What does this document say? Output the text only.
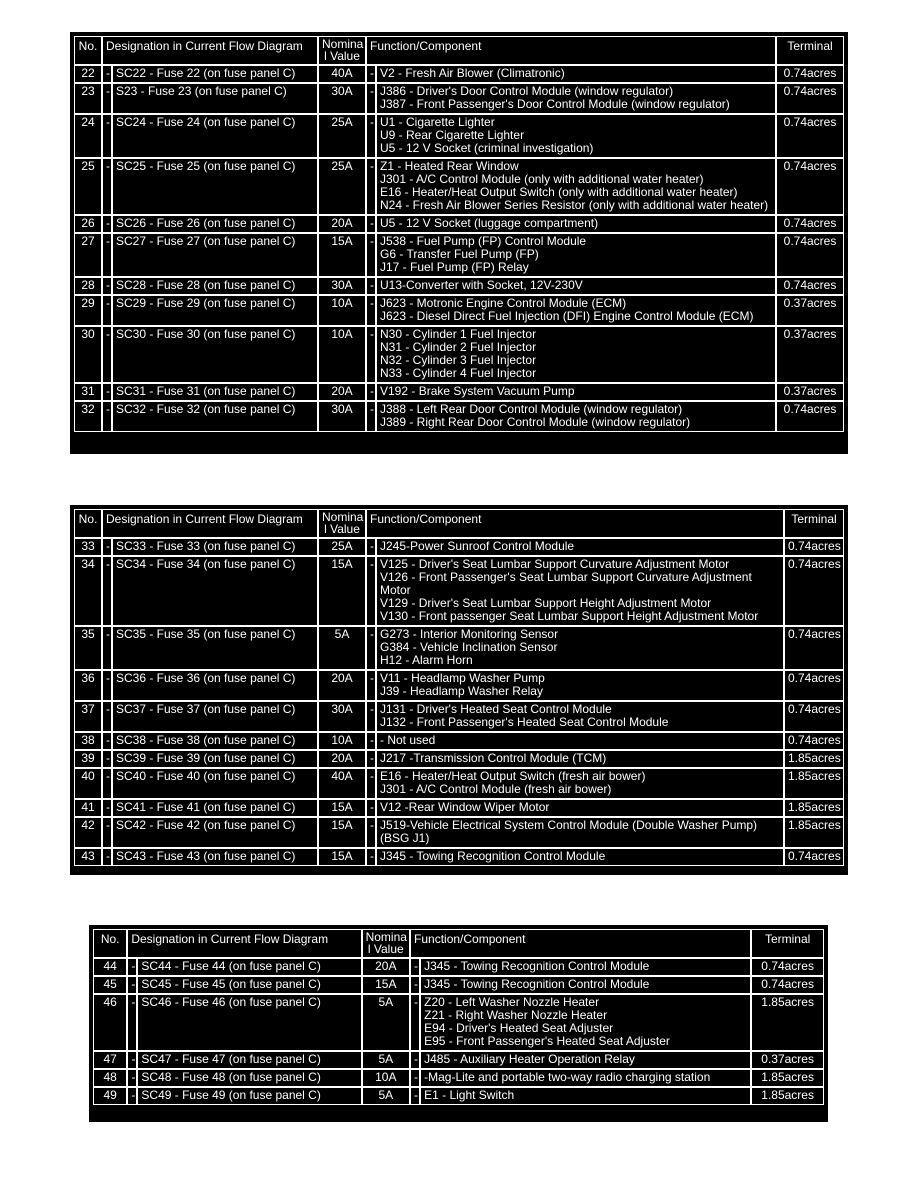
No.	Designation in Current Flow Diagram		Nomina
l Value	Function/Component		Terminal
22	-	SC22 - Fuse 22 (on fuse panel C)	40A	-	V2 - Fresh Air Blower (Climatronic)	0.74acres
23	-	S23 - Fuse 23 (on fuse panel C)	30A	-	J386 - Driver's Door Control Module (window regulator)
J387 - Front Passenger's Door Control Module (window regulator)	0.74acres
24	-	SC24 - Fuse 24 (on fuse panel C)	25A	-	U1 - Cigarette Lighter
U9 - Rear Cigarette Lighter
U5 - 12 V Socket (criminal investigation)	0.74acres
25	-	SC25 - Fuse 25 (on fuse panel C)	25A	-	Z1 - Heated Rear Window
J301 - A/C Control Module (only with additional water heater)
E16 - Heater/Heat Output Switch (only with additional water heater)
N24 - Fresh Air Blower Series Resistor (only with additional water heater)	0.74acres
26	-	SC26 - Fuse 26 (on fuse panel C)	20A	-	U5 - 12 V Socket (luggage compartment)	0.74acres
27	-	SC27 - Fuse 27 (on fuse panel C)	15A	-	J538 - Fuel Pump (FP) Control Module
G6 - Transfer Fuel Pump (FP)
J17 - Fuel Pump (FP) Relay	0.74acres
28	-	SC28 - Fuse 28 (on fuse panel C)	30A	-	U13-Converter with Socket, 12V-230V	0.74acres
29	-	SC29 - Fuse 29 (on fuse panel C)	10A	-	J623 - Motronic Engine Control Module (ECM)
J623 - Diesel Direct Fuel Injection (DFI) Engine Control Module (ECM)	0.37acres
30	-	SC30 - Fuse 30 (on fuse panel C)	10A	-	N30 - Cylinder 1 Fuel Injector
N31 - Cylinder 2 Fuel Injector
N32 - Cylinder 3 Fuel Injector
N33 - Cylinder 4 Fuel Injector	0.37acres
31	-	SC31 - Fuse 31 (on fuse panel C)	20A	-	V192 - Brake System Vacuum Pump	0.37acres
32	-	SC32 - Fuse 32 (on fuse panel C)	30A	-	J388 - Left Rear Door Control Module (window regulator)
J389 - Right Rear Door Control Module (window regulator)	0.74acres
No.	Designation in Current Flow Diagram		Nomina
l Value	Function/Component		Terminal
33	-	SC33 - Fuse 33 (on fuse panel C)	25A	-	J245-Power Sunroof Control Module	0.74acres
34	-	SC34 - Fuse 34 (on fuse panel C)	15A	-	V125 - Driver's Seat Lumbar Support Curvature Adjustment Motor
V126 - Front Passenger's Seat Lumbar Support Curvature Adjustment Motor
V129 - Driver's Seat Lumbar Support Height Adjustment Motor
V130 - Front passenger Seat Lumbar Support Height Adjustment Motor	0.74acres
35	-	SC35 - Fuse 35 (on fuse panel C)	5A	-	G273 - Interior Monitoring Sensor
G384 - Vehicle Inclination Sensor
H12 - Alarm Horn	0.74acres
36	-	SC36 - Fuse 36 (on fuse panel C)	20A	-	V11 - Headlamp Washer Pump
J39 - Headlamp Washer Relay	0.74acres
37	-	SC37 - Fuse 37 (on fuse panel C)	30A	-	J131 - Driver's Heated Seat Control Module
J132 - Front Passenger's Heated Seat Control Module	0.74acres
38	-	SC38 - Fuse 38 (on fuse panel C)	10A	-	- Not used	0.74acres
39	-	SC39 - Fuse 39 (on fuse panel C)	20A	-	J217 -Transmission Control Module (TCM)	1.85acres
40	-	SC40 - Fuse 40 (on fuse panel C)	40A	-	E16 - Heater/Heat Output Switch (fresh air bower)
J301 - A/C Control Module (fresh air bower)	1.85acres
41	-	SC41 - Fuse 41 (on fuse panel C)	15A	-	V12 -Rear Window Wiper Motor	1.85acres
42	-	SC42 - Fuse 42 (on fuse panel C)	15A	-	J519-Vehicle Electrical System Control Module (Double Washer Pump) (BSG J1)	1.85acres
43	-	SC43 - Fuse 43 (on fuse panel C)	15A	-	J345 - Towing Recognition Control Module	0.74acres
No.	Designation in Current Flow Diagram		Nomina
l Value	Function/Component		Terminal
44	-	SC44 - Fuse 44 (on fuse panel C)	20A	-	J345 - Towing Recognition Control Module	0.74acres
45	-	SC45 - Fuse 45 (on fuse panel C)	15A	-	J345 - Towing Recognition Control Module	0.74acres
46	-	SC46 - Fuse 46 (on fuse panel C)	5A	-	Z20 - Left Washer Nozzle Heater
Z21 - Right Washer Nozzle Heater
E94 - Driver's Heated Seat Adjuster
E95 - Front Passenger's Heated Seat Adjuster	1.85acres
47	-	SC47 - Fuse 47 (on fuse panel C)	5A	-	J485 - Auxiliary Heater Operation Relay	0.37acres
48	-	SC48 - Fuse 48 (on fuse panel C)	10A	-	-Mag-Lite and portable two-way radio charging station	1.85acres
49	-	SC49 - Fuse 49 (on fuse panel C)	5A	-	E1 - Light Switch	1.85acres
